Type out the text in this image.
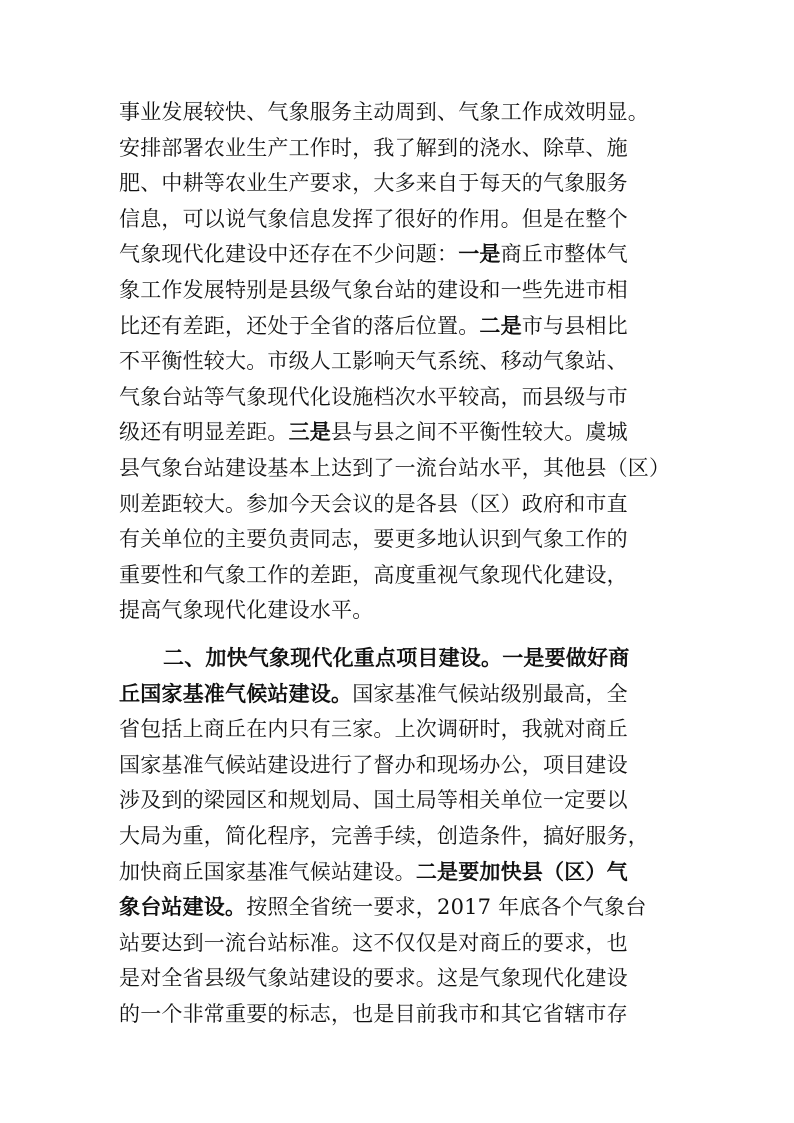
事业发展较快、气象服务主动周到、气象工作成效明显。
安排部署农业生产工作时，我了解到的浇水、除草、施
肥、中耕等农业生产要求，大多来自于每天的气象服务
信息，可以说气象信息发挥了很好的作用。但是在整个
气象现代化建设中还存在不少问题：一是商丘市整体气
象工作发展特别是县级气象台站的建设和一些先进市相
比还有差距，还处于全省的落后位置。二是市与县相比
不平衡性较大。市级人工影响天气系统、移动气象站、
气象台站等气象现代化设施档次水平较高，而县级与市
级还有明显差距。三是县与县之间不平衡性较大。虞城
县气象台站建设基本上达到了一流台站水平，其他县（区）
则差距较大。参加今天会议的是各县（区）政府和市直
有关单位的主要负责同志，要更多地认识到气象工作的
重要性和气象工作的差距，高度重视气象现代化建设，
提高气象现代化建设水平。
二、加快气象现代化重点项目建设。一是要做好商
丘国家基准气候站建设。国家基准气候站级别最高，全
省包括上商丘在内只有三家。上次调研时，我就对商丘
国家基准气候站建设进行了督办和现场办公，项目建设
涉及到的梁园区和规划局、国土局等相关单位一定要以
大局为重，简化程序，完善手续，创造条件，搞好服务，
加快商丘国家基准气候站建设。二是要加快县（区）气
象台站建设。按照全省统一要求，2017 年底各个气象台
站要达到一流台站标准。这不仅仅是对商丘的要求，也
是对全省县级气象站建设的要求。这是气象现代化建设
的一个非常重要的标志，也是目前我市和其它省辖市存
